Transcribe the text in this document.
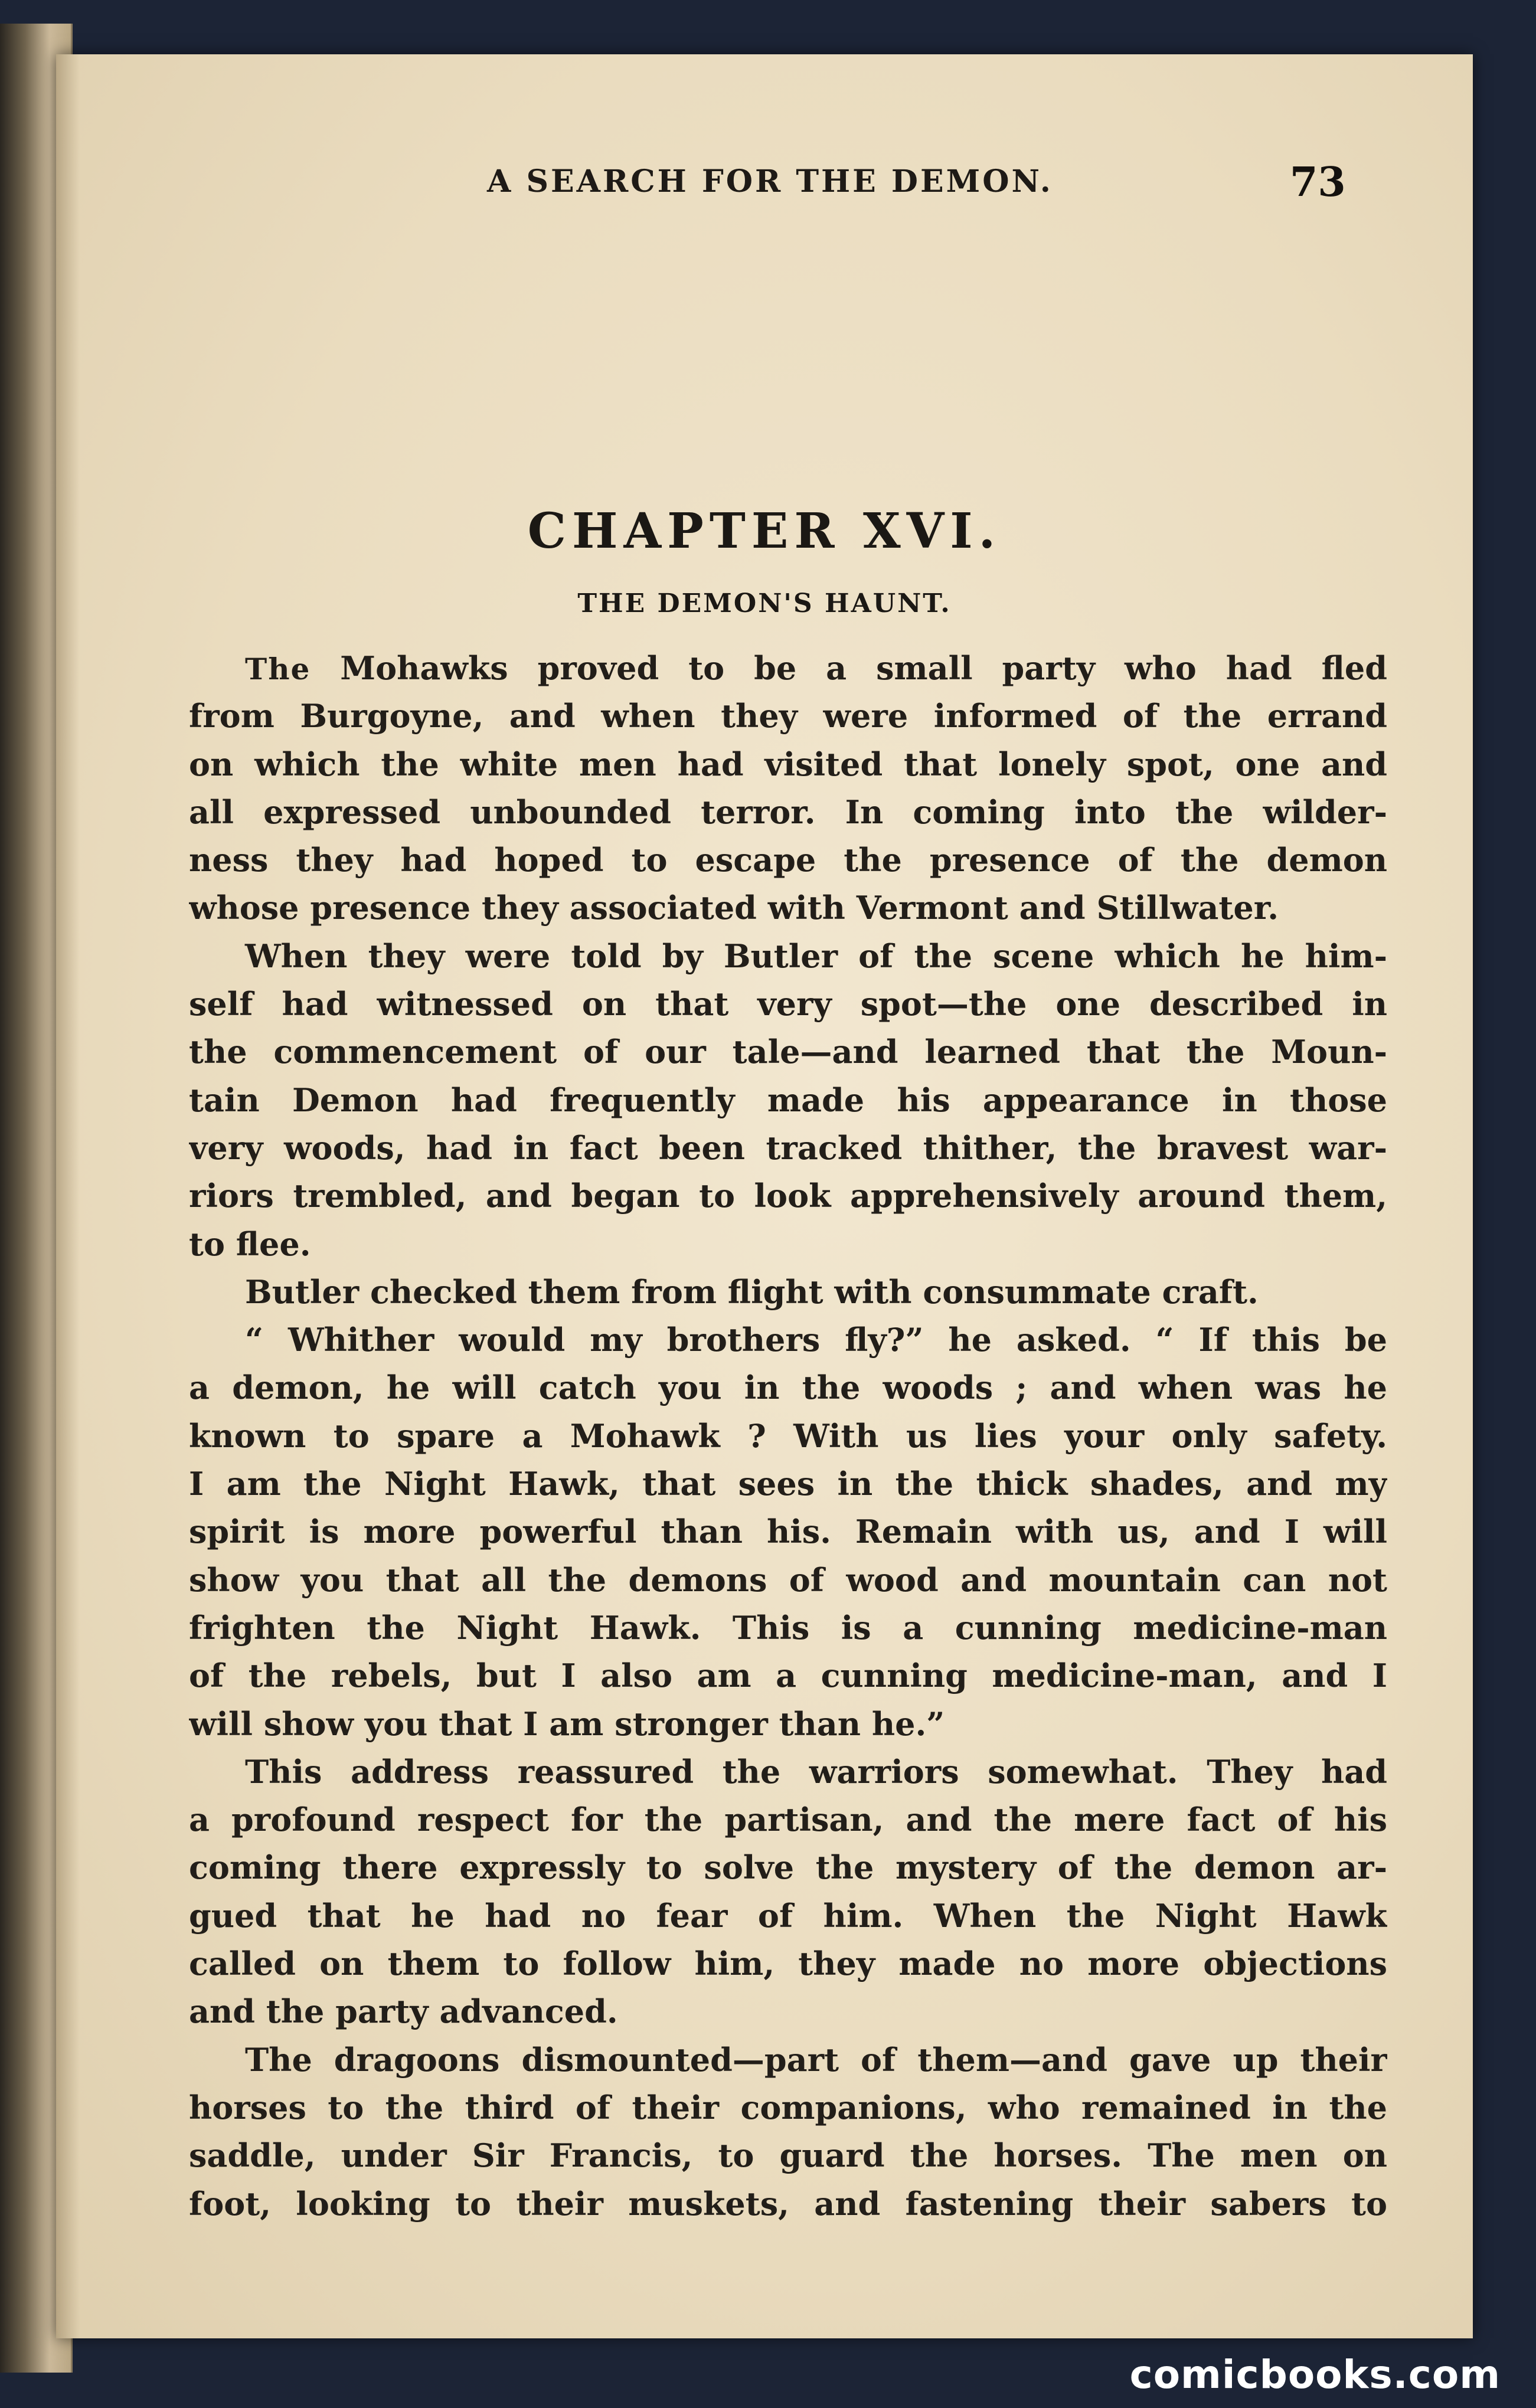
A SEARCH FOR THE DEMON.	73
CHAPTER XVI.
THE DEMON'S HAUNT.
The Mohawks proved to be a small party who had fled
from Burgoyne, and when they were informed of the errand
on which the white men had visited that lonely spot, one and
all expressed unbounded terror. In coming into the wilder-
ness they had hoped to escape the presence of the demon
whose presence they associated with Vermont and Stillwater.
When they were told by Butler of the scene which he him-
self had witnessed on that very spot—the one described in
the commencement of our tale—and learned that the Moun-
tain Demon had frequently made his appearance in those
very woods, had in fact been tracked thither, the bravest war-
riors trembled, and began to look apprehensively around them,
to flee.
Butler checked them from flight with consummate craft.
“ Whither would my brothers fly?” he asked. “ If this be
a demon, he will catch you in the woods ; and when was he
known to spare a Mohawk ? With us lies your only safety.
I am the Night Hawk, that sees in the thick shades, and my
spirit is more powerful than his. Remain with us, and I will
show you that all the demons of wood and mountain can not
frighten the Night Hawk. This is a cunning medicine-man
of the rebels, but I also am a cunning medicine-man, and I
will show you that I am stronger than he.”
This address reassured the warriors somewhat. They had
a profound respect for the partisan, and the mere fact of his
coming there expressly to solve the mystery of the demon ar-
gued that he had no fear of him. When the Night Hawk
called on them to follow him, they made no more objections
and the party advanced.
The dragoons dismounted—part of them—and gave up their
horses to the third of their companions, who remained in the
saddle, under Sir Francis, to guard the horses. The men on
foot, looking to their muskets, and fastening their sabers to
comicbooks.com
